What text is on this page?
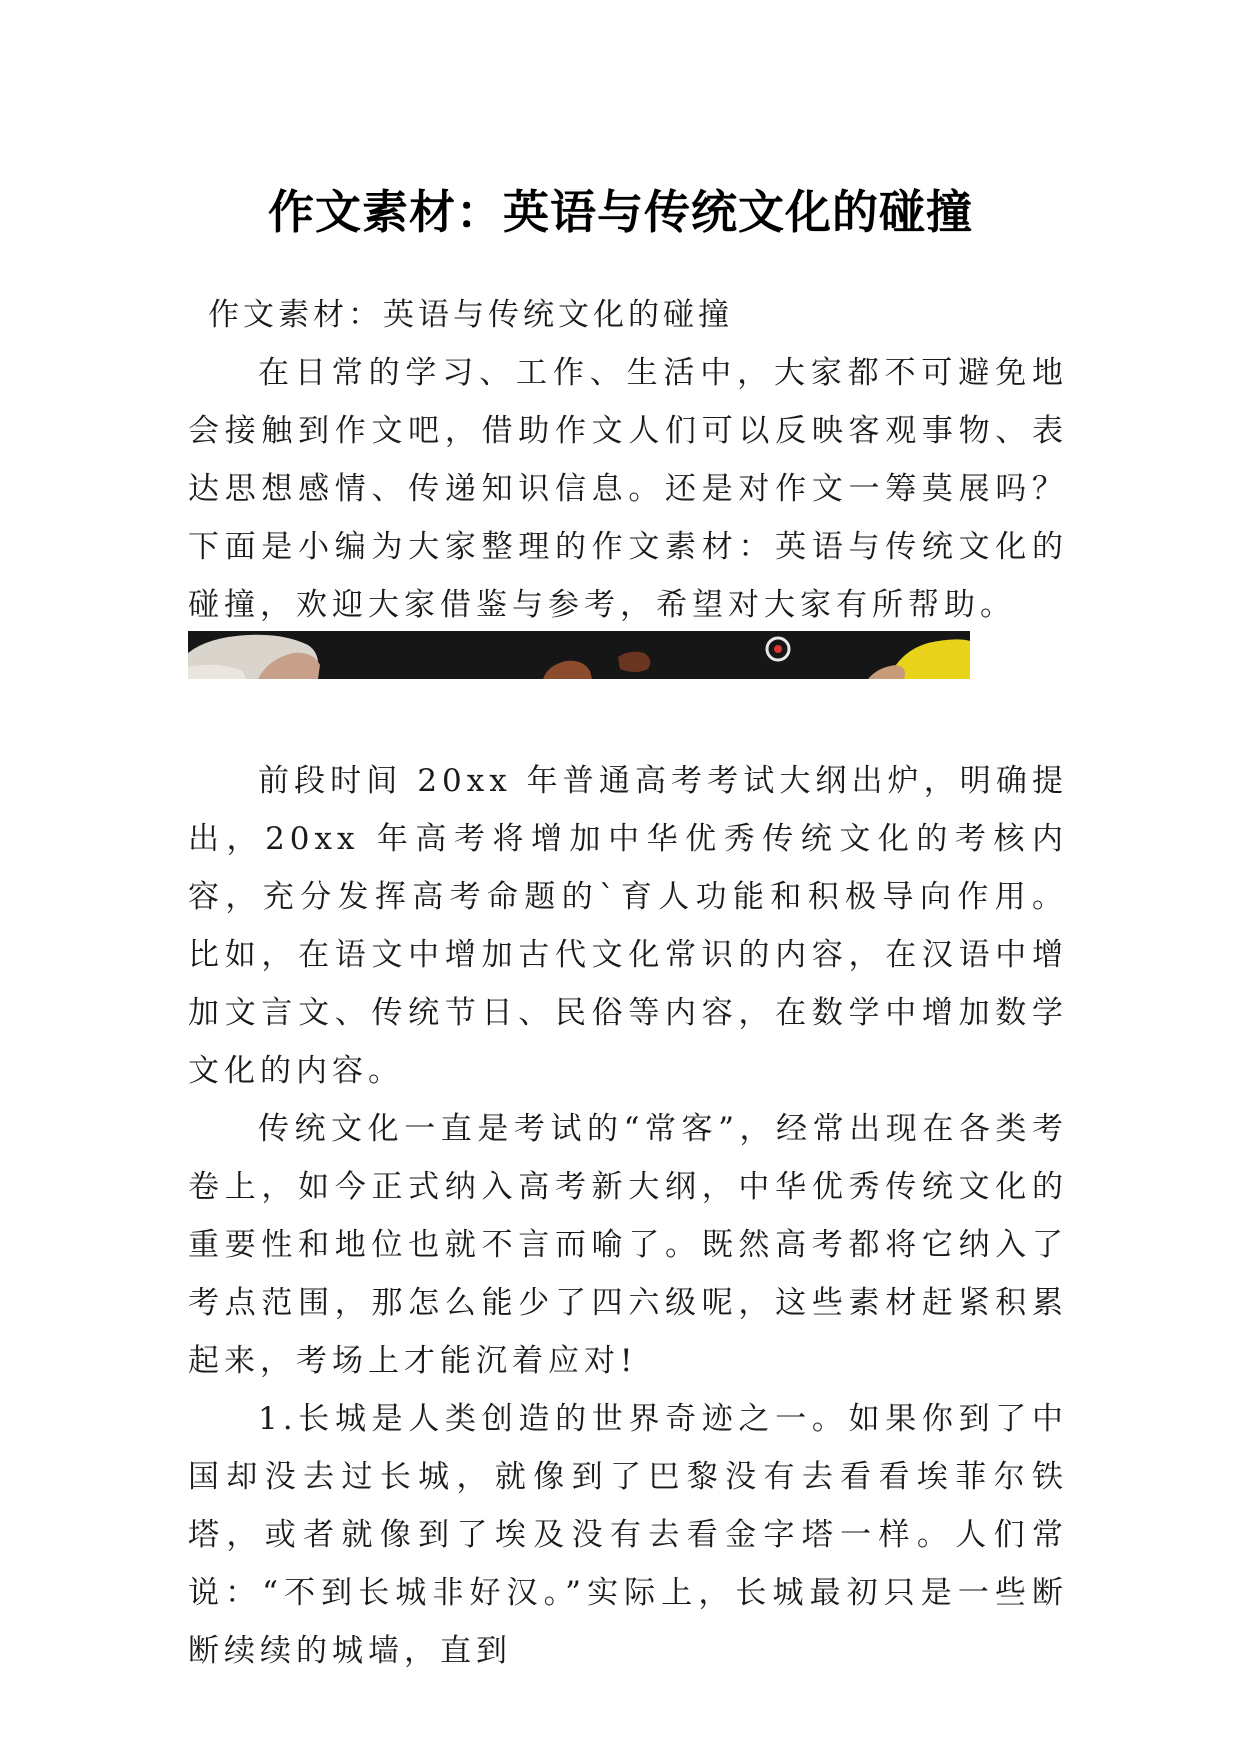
作文素材：英语与传统文化的碰撞
作文素材：英语与传统文化的碰撞

在日常的学习、工作、生活中，大家都不可避免地会接触到作文吧，借助作文人们可以反映客观事物、表达思想感情、传递知识信息。还是对作文一筹莫展吗？下面是小编为大家整理的作文素材：英语与传统文化的碰撞，欢迎大家借鉴与参考，希望对大家有所帮助。

前段时间 20xx 年普通高考考试大纲出炉，明确提出，20xx 年高考将增加中华优秀传统文化的考核内容，充分发挥高考命题的`育人功能和积极导向作用。比如，在语文中增加古代文化常识的内容，在汉语中增加文言文、传统节日、民俗等内容，在数学中增加数学文化的内容。

传统文化一直是考试的“常客”，经常出现在各类考卷上，如今正式纳入高考新大纲，中华优秀传统文化的重要性和地位也就不言而喻了。既然高考都将它纳入了考点范围，那怎么能少了四六级呢，这些素材赶紧积累起来，考场上才能沉着应对!

1.长城是人类创造的世界奇迹之一。如果你到了中国却没去过长城，就像到了巴黎没有去看看埃菲尔铁塔，或者就像到了埃及没有去看金字塔一样。人们常说：“不到长城非好汉。”实际上，长城最初只是一些断断续续的城墙，直到
